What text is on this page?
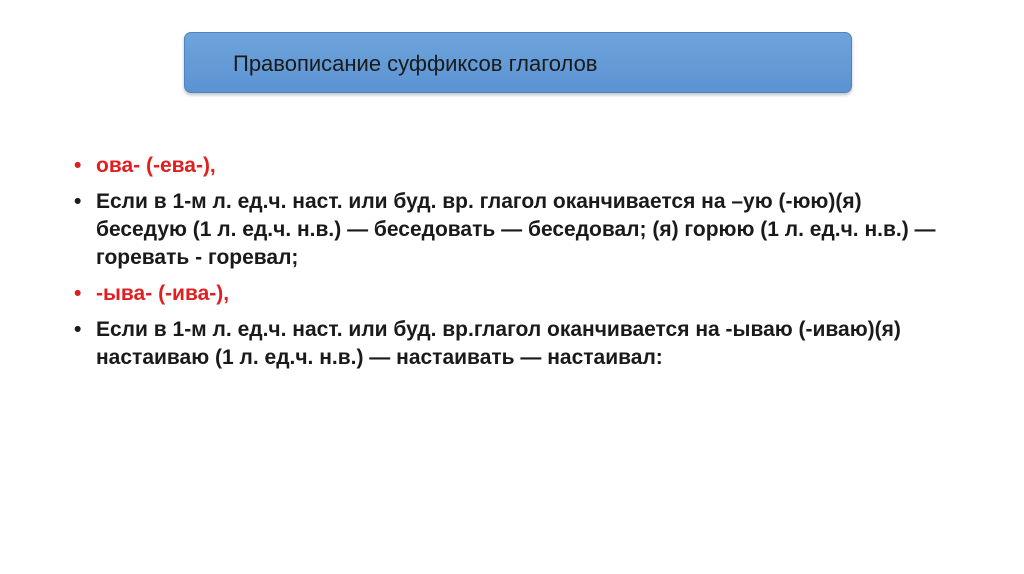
Правописание суффиксов глаголов
• ова- (-ева-),
• Если в 1-м л. ед.ч. наст. или буд. вр. глагол оканчивается на –ую (-юю)(я) беседую (1 л. ед.ч. н.в.) — беседовать — беседовал; (я) горюю (1 л. ед.ч. н.в.) — горевать - горевал;
• -ыва- (-ива-),
• Если в 1-м л. ед.ч. наст. или буд. вр.глагол оканчивается на -ываю (-иваю)(я) настаиваю (1 л. ед.ч. н.в.) — настаивать — настаивал:
